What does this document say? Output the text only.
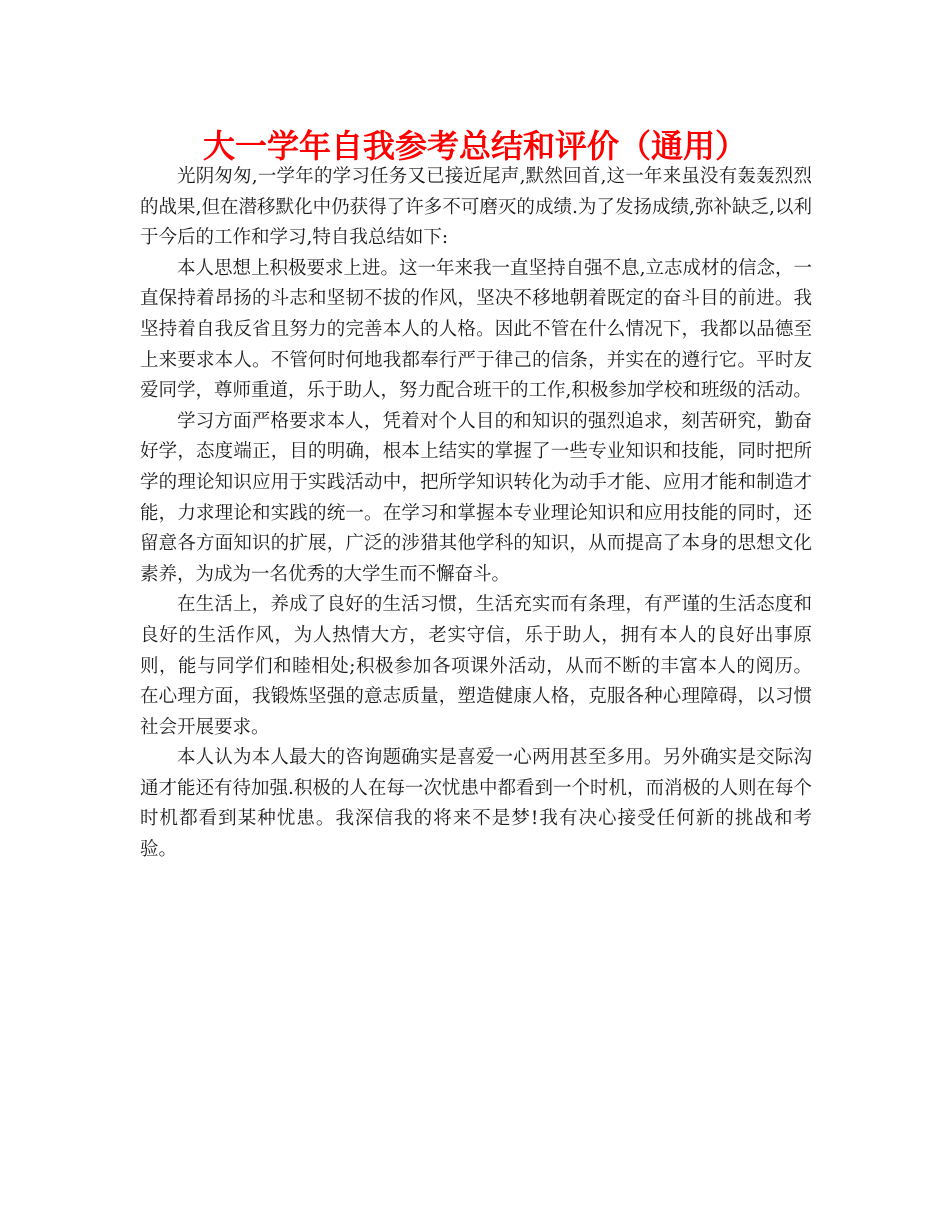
大一学年自我参考总结和评价（通用）

光阴匆匆,一学年的学习任务又已接近尾声,默然回首,这一年来虽没有轰轰烈烈的战果,但在潜移默化中仍获得了许多不可磨灭的成绩.为了发扬成绩,弥补缺乏,以利于今后的工作和学习,特自我总结如下:

本人思想上积极要求上进。这一年来我一直坚持自强不息,立志成材的信念，一直保持着昂扬的斗志和坚韧不拔的作风，坚决不移地朝着既定的奋斗目的前进。我坚持着自我反省且努力的完善本人的人格。因此不管在什么情况下，我都以品德至上来要求本人。不管何时何地我都奉行严于律己的信条，并实在的遵行它。平时友爱同学，尊师重道，乐于助人，努力配合班干的工作,积极参加学校和班级的活动。

学习方面严格要求本人，凭着对个人目的和知识的强烈追求，刻苦研究，勤奋好学，态度端正，目的明确，根本上结实的掌握了一些专业知识和技能，同时把所学的理论知识应用于实践活动中，把所学知识转化为动手才能、应用才能和制造才能，力求理论和实践的统一。在学习和掌握本专业理论知识和应用技能的同时，还留意各方面知识的扩展，广泛的涉猎其他学科的知识，从而提高了本身的思想文化素养，为成为一名优秀的大学生而不懈奋斗。

在生活上，养成了良好的生活习惯，生活充实而有条理，有严谨的生活态度和良好的生活作风，为人热情大方，老实守信，乐于助人，拥有本人的良好出事原则，能与同学们和睦相处;积极参加各项课外活动，从而不断的丰富本人的阅历。在心理方面，我锻炼坚强的意志质量，塑造健康人格，克服各种心理障碍，以习惯社会开展要求。

本人认为本人最大的咨询题确实是喜爱一心两用甚至多用。另外确实是交际沟通才能还有待加强.积极的人在每一次忧患中都看到一个时机，而消极的人则在每个时机都看到某种忧患。我深信我的将来不是梦!我有决心接受任何新的挑战和考验。
